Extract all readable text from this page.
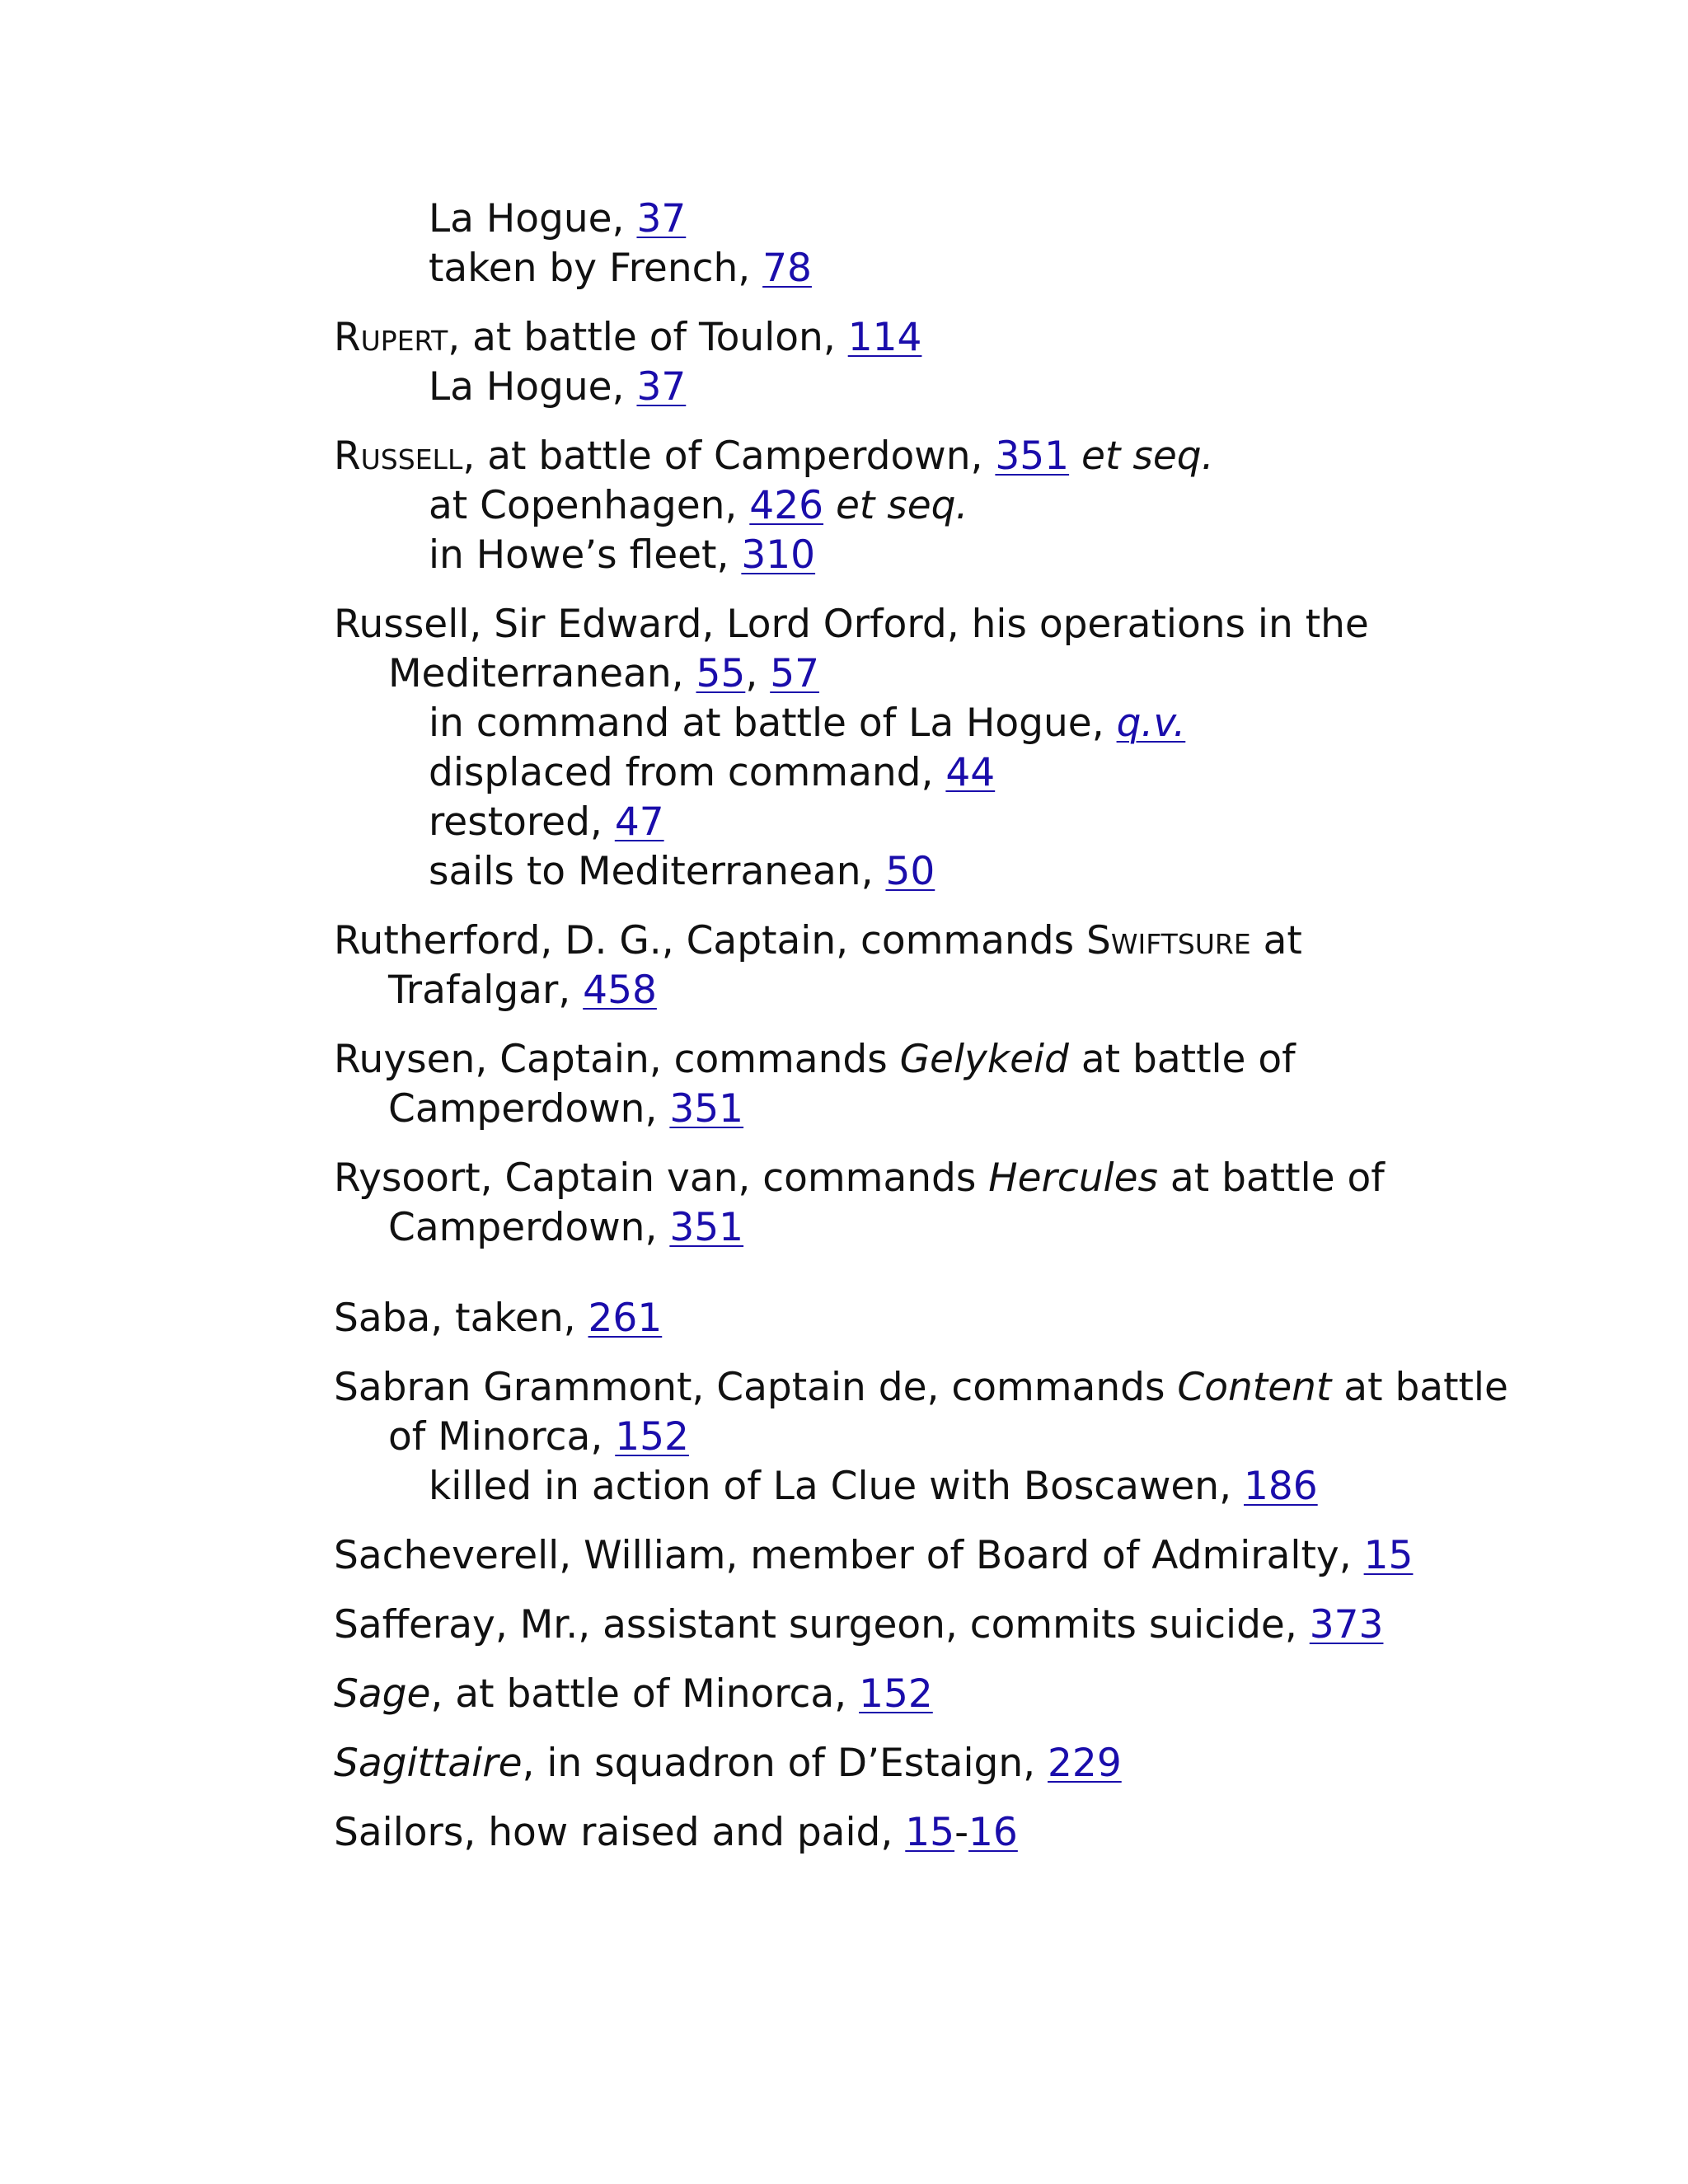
La Hogue, 37
taken by French, 78
Rupert, at battle of Toulon, 114
La Hogue, 37
Russell, at battle of Camperdown, 351 et seq.
at Copenhagen, 426 et seq.
in Howe’s fleet, 310
Russell, Sir Edward, Lord Orford, his operations in the
Mediterranean, 55, 57
in command at battle of La Hogue, q.v.
displaced from command, 44
restored, 47
sails to Mediterranean, 50
Rutherford, D. G., Captain, commands Swiftsure at
Trafalgar, 458
Ruysen, Captain, commands Gelykeid at battle of
Camperdown, 351
Rysoort, Captain van, commands Hercules at battle of
Camperdown, 351
Saba, taken, 261
Sabran Grammont, Captain de, commands Content at battle
of Minorca, 152
killed in action of La Clue with Boscawen, 186
Sacheverell, William, member of Board of Admiralty, 15
Safferay, Mr., assistant surgeon, commits suicide, 373
Sage, at battle of Minorca, 152
Sagittaire, in squadron of D’Estaign, 229
Sailors, how raised and paid, 15-16
